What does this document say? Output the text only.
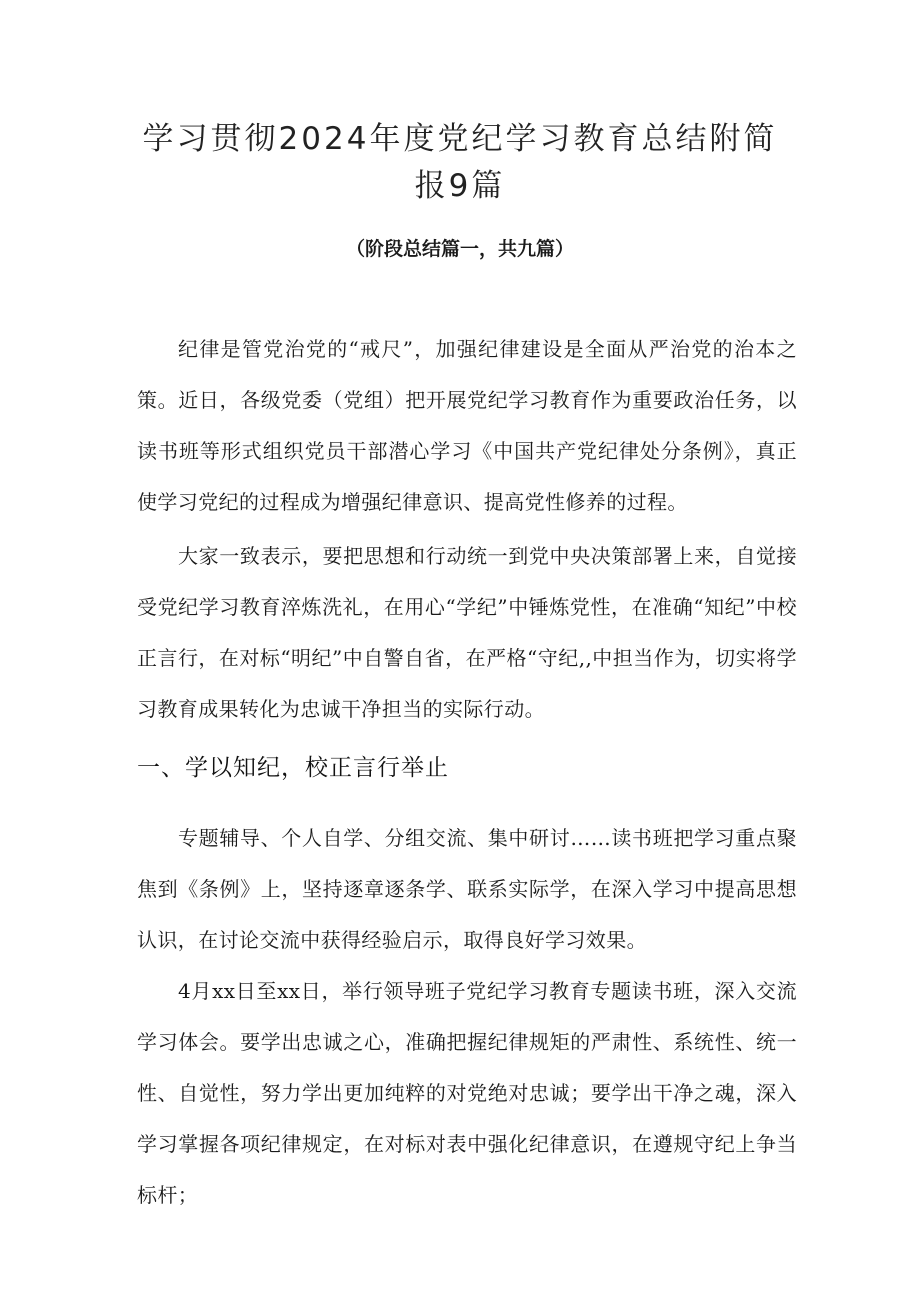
学习贯彻2024年度党纪学习教育总结附简
报9篇
（阶段总结篇一，共九篇）

纪律是管党治党的“戒尺”，加强纪律建设是全面从严治党的治本之策。近日，各级党委（党组）把开展党纪学习教育作为重要政治任务，以读书班等形式组织党员干部潜心学习《中国共产党纪律处分条例》，真正使学习党纪的过程成为增强纪律意识、提高党性修养的过程。

大家一致表示，要把思想和行动统一到党中央决策部署上来，自觉接受党纪学习教育淬炼洗礼，在用心“学纪”中锤炼党性，在准确“知纪”中校正言行，在对标“明纪”中自警自省，在严格“守纪,,中担当作为，切实将学习教育成果转化为忠诚干净担当的实际行动。

一、学以知纪，校正言行举止

专题辅导、个人自学、分组交流、集中研讨……读书班把学习重点聚焦到《条例》上，坚持逐章逐条学、联系实际学，在深入学习中提高思想认识，在讨论交流中获得经验启示，取得良好学习效果。

4月xx日至xx日，举行领导班子党纪学习教育专题读书班，深入交流学习体会。要学出忠诚之心，准确把握纪律规矩的严肃性、系统性、统一性、自觉性，努力学出更加纯粹的对党绝对忠诚；要学出干净之魂，深入学习掌握各项纪律规定，在对标对表中强化纪律意识，在遵规守纪上争当标杆；
